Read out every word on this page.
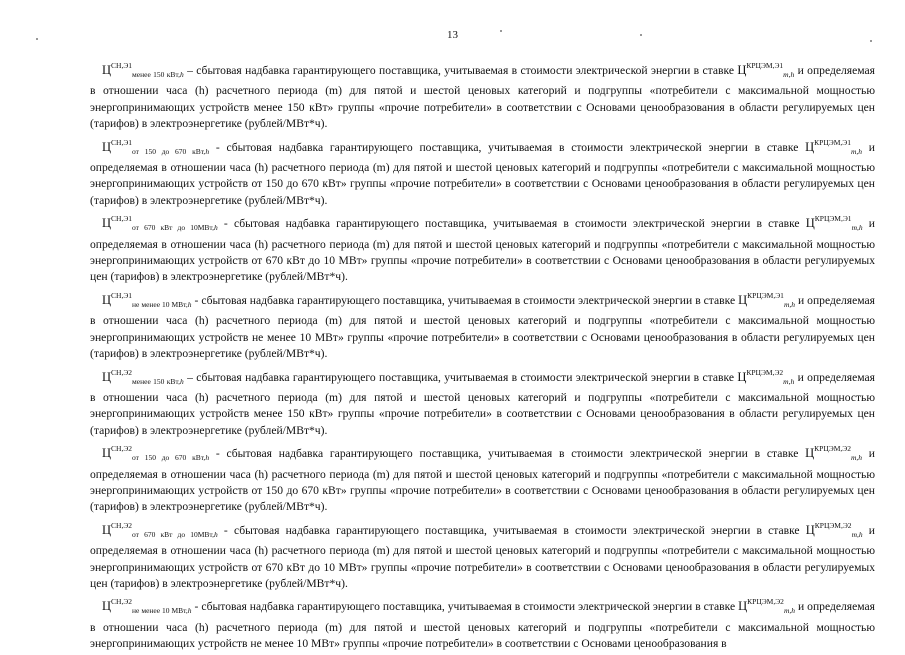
13

$Ц^{СН,Э1}_{менее 150 кВт,h}$ – сбытовая надбавка гарантирующего поставщика, учитываемая в стоимости электрической энергии в ставке $Ц^{КРЦЭМ,Э1}_{m,h}$ и определяемая в отношении часа (h) расчетного периода (m) для пятой и шестой ценовых категорий и подгруппы «потребители с максимальной мощностью энергопринимающих устройств менее 150 кВт» группы «прочие потребители» в соответствии с Основами ценообразования в области регулируемых цен (тарифов) в электроэнергетике (рублей/МВт*ч).

$Ц^{СН,Э1}_{от 150 до 670 кВт,h}$ - сбытовая надбавка гарантирующего поставщика, учитываемая в стоимости электрической энергии в ставке $Ц^{КРЦЭМ,Э1}_{m,h}$ и определяемая в отношении часа (h) расчетного периода (m) для пятой и шестой ценовых категорий и подгруппы «потребители с максимальной мощностью энергопринимающих устройств от 150 до 670 кВт» группы «прочие потребители» в соответствии с Основами ценообразования в области регулируемых цен (тарифов) в электроэнергетике (рублей/МВт*ч).

$Ц^{СН,Э1}_{от 670 кВт до 10МВт,h}$ - сбытовая надбавка гарантирующего поставщика, учитываемая в стоимости электрической энергии в ставке $Ц^{КРЦЭМ,Э1}_{m,h}$ и определяемая в отношении часа (h) расчетного периода (m) для пятой и шестой ценовых категорий и подгруппы «потребители с максимальной мощностью энергопринимающих устройств от 670 кВт до 10 МВт» группы «прочие потребители» в соответствии с Основами ценообразования в области регулируемых цен (тарифов) в электроэнергетике (рублей/МВт*ч).

$Ц^{СН,Э1}_{не менее 10 МВт,h}$ - сбытовая надбавка гарантирующего поставщика, учитываемая в стоимости электрической энергии в ставке $Ц^{КРЦЭМ,Э1}_{m,h}$ и определяемая в отношении часа (h) расчетного периода (m) для пятой и шестой ценовых категорий и подгруппы «потребители с максимальной мощностью энергопринимающих устройств не менее 10 МВт» группы «прочие потребители» в соответствии с Основами ценообразования в области регулируемых цен (тарифов) в электроэнергетике (рублей/МВт*ч).

$Ц^{СН,Э2}_{менее 150 кВт,h}$ – сбытовая надбавка гарантирующего поставщика, учитываемая в стоимости электрической энергии в ставке $Ц^{КРЦЭМ,Э2}_{m,h}$ и определяемая в отношении часа (h) расчетного периода (m) для пятой и шестой ценовых категорий и подгруппы «потребители с максимальной мощностью энергопринимающих устройств менее 150 кВт» группы «прочие потребители» в соответствии с Основами ценообразования в области регулируемых цен (тарифов) в электроэнергетике (рублей/МВт*ч).

$Ц^{СН,Э2}_{от 150 до 670 кВт,h}$ - сбытовая надбавка гарантирующего поставщика, учитываемая в стоимости электрической энергии в ставке $Ц^{КРЦЭМ,Э2}_{m,h}$ и определяемая в отношении часа (h) расчетного периода (m) для пятой и шестой ценовых категорий и подгруппы «потребители с максимальной мощностью энергопринимающих устройств от 150 до 670 кВт» группы «прочие потребители» в соответствии с Основами ценообразования в области регулируемых цен (тарифов) в электроэнергетике (рублей/МВт*ч).

$Ц^{СН,Э2}_{от 670 кВт до 10МВт,h}$ - сбытовая надбавка гарантирующего поставщика, учитываемая в стоимости электрической энергии в ставке $Ц^{КРЦЭМ,Э2}_{m,h}$ и определяемая в отношении часа (h) расчетного периода (m) для пятой и шестой ценовых категорий и подгруппы «потребители с максимальной мощностью энергопринимающих устройств от 670 кВт до 10 МВт» группы «прочие потребители» в соответствии с Основами ценообразования в области регулируемых цен (тарифов) в электроэнергетике (рублей/МВт*ч).

$Ц^{СН,Э2}_{не менее 10 МВт,h}$ - сбытовая надбавка гарантирующего поставщика, учитываемая в стоимости электрической энергии в ставке $Ц^{КРЦЭМ,Э2}_{m,h}$ и определяемая в отношении часа (h) расчетного периода (m) для пятой и шестой ценовых категорий и подгруппы «потребители с максимальной мощностью энергопринимающих устройств не менее 10 МВт» группы «прочие потребители» в соответствии с Основами ценообразования в
